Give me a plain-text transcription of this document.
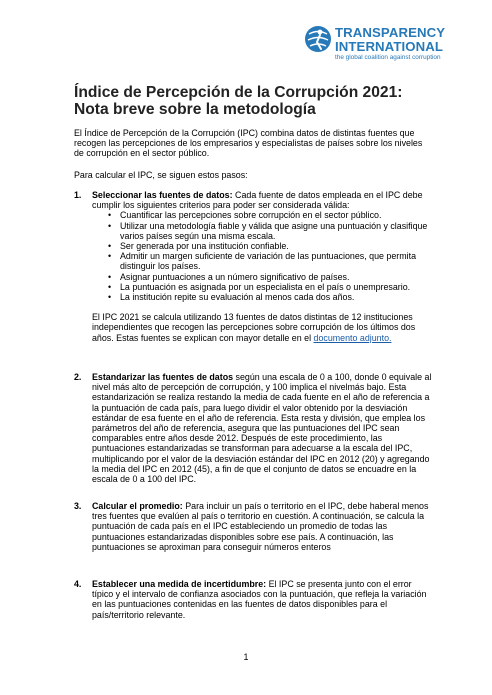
TRANSPARENCY
INTERNATIONAL
the global coalition against corruption
Índice de Percepción de la Corrupción 2021: Nota breve sobre la metodología

El Índice de Percepción de la Corrupción (IPC) combina datos de distintas fuentes que recogen las percepciones de los empresarios y especialistas de países sobre los niveles de corrupción en el sector público.

Para calcular el IPC, se siguen estos pasos:

1. Seleccionar las fuentes de datos: Cada fuente de datos empleada en el IPC debe cumplir los siguientes criterios para poder ser considerada válida:
• Cuantificar las percepciones sobre corrupción en el sector público.
• Utilizar una metodología fiable y válida que asigne una puntuación y clasifique varios países según una misma escala.
• Ser generada por una institución confiable.
• Admitir un margen suficiente de variación de las puntuaciones, que permita distinguir los países.
• Asignar puntuaciones a un número significativo de países.
• La puntuación es asignada por un especialista en el país o unempresario.
• La institución repite su evaluación al menos cada dos años.
El IPC 2021 se calcula utilizando 13 fuentes de datos distintas de 12 instituciones independientes que recogen las percepciones sobre corrupción de los últimos dos años. Estas fuentes se explican con mayor detalle en el documento adjunto.
2. Estandarizar las fuentes de datos según una escala de 0 a 100, donde 0 equivale al nivel más alto de percepción de corrupción, y 100 implica el nivelmás bajo. Esta estandarización se realiza restando la media de cada fuente en el año de referencia a la puntuación de cada país, para luego dividir el valor obtenido por la desviación estándar de esa fuente en el año de referencia. Esta resta y división, que emplea los parámetros del año de referencia, asegura que las puntuaciones del IPC sean comparables entre años desde 2012. Después de este procedimiento, las puntuaciones estandarizadas se transforman para adecuarse a la escala del IPC, multiplicando por el valor de la desviación estándar del IPC en 2012 (20) y agregando la media del IPC en 2012 (45), a fin de que el conjunto de datos se encuadre en la escala de 0 a 100 del IPC.
3. Calcular el promedio: Para incluir un país o territorio en el IPC, debe haberal menos tres fuentes que evalúen al país o territorio en cuestión. A continuación, se calcula la puntuación de cada país en el IPC estableciendo un promedio de todas las puntuaciones estandarizadas disponibles sobre ese país. A continuación, las puntuaciones se aproximan para conseguir números enteros
4. Establecer una medida de incertidumbre: El IPC se presenta junto con el error típico y el intervalo de confianza asociados con la puntuación, que refleja la variación en las puntuaciones contenidas en las fuentes de datos disponibles para el país/territorio relevante.
1
